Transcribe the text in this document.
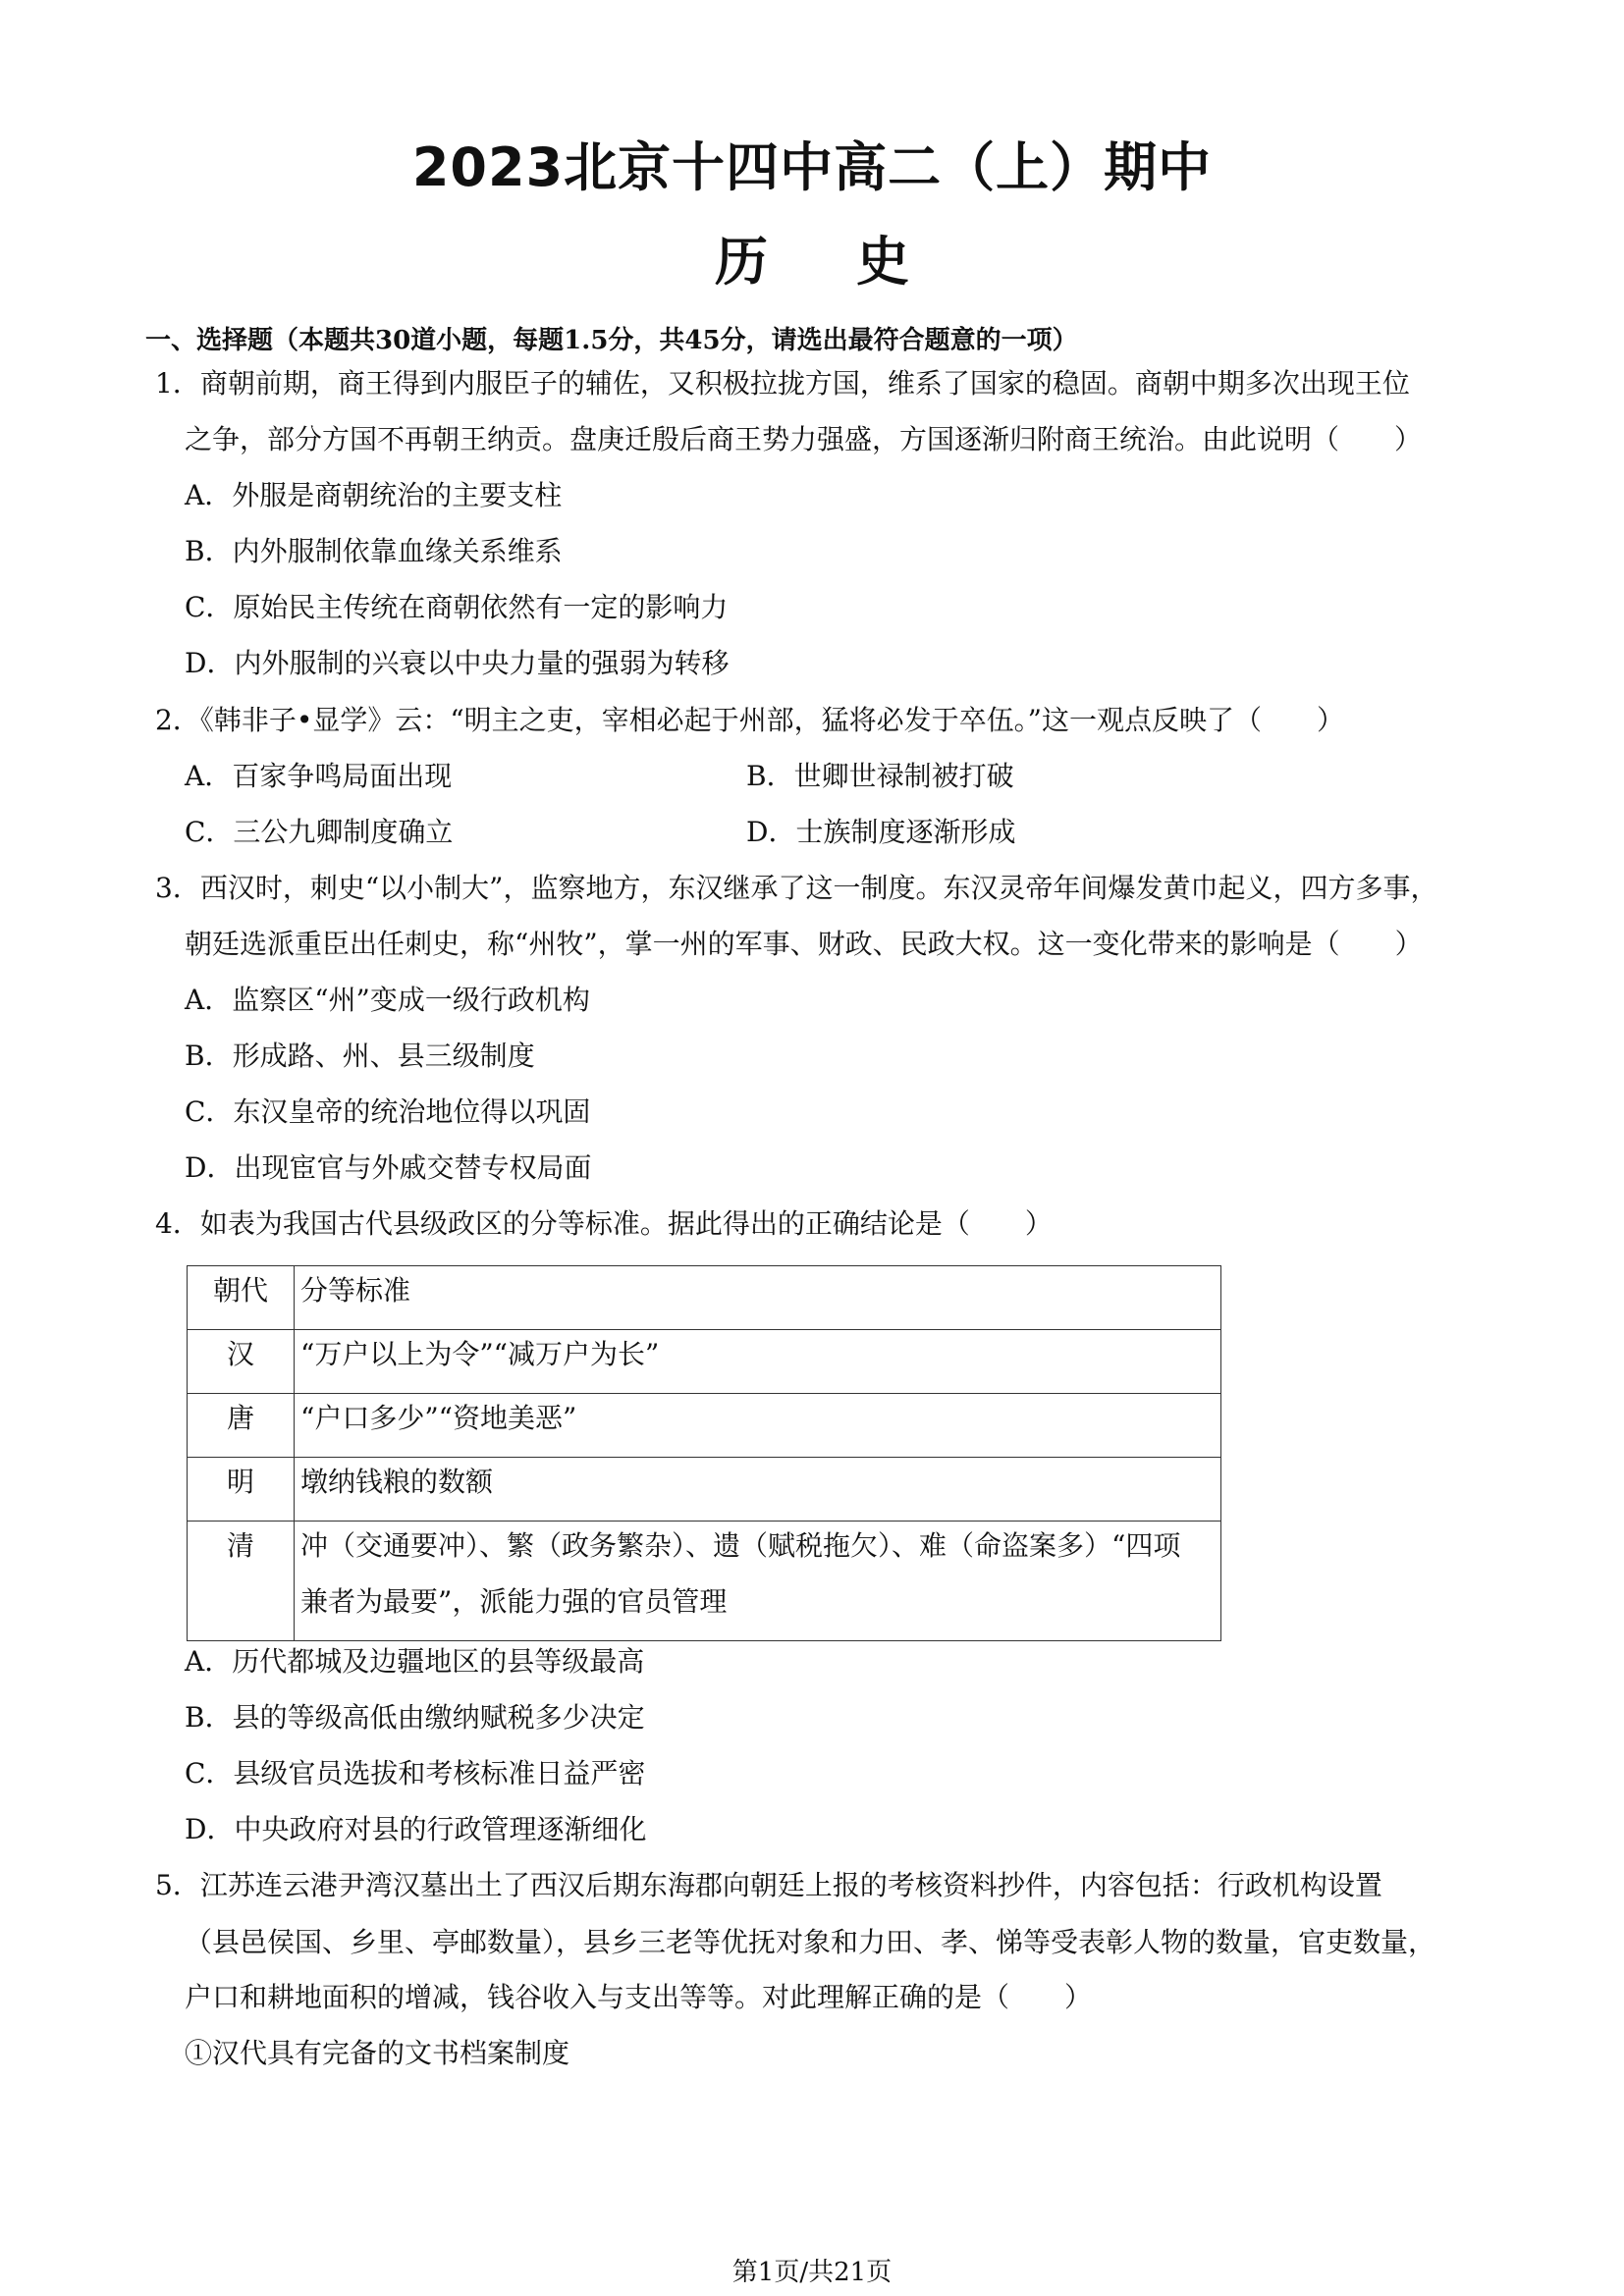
2023北京十四中高二（上）期中
历史
一、选择题（本题共30道小题，每题1.5分，共45分，请选出最符合题意的一项）
1．商朝前期，商王得到内服臣子的辅佐，又积极拉拢方国，维系了国家的稳固。商朝中期多次出现王位
之争，部分方国不再朝王纳贡。盘庚迁殷后商王势力强盛，方国逐渐归附商王统治。由此说明（　　）
A．外服是商朝统治的主要支柱
B．内外服制依靠血缘关系维系
C．原始民主传统在商朝依然有一定的影响力
D．内外服制的兴衰以中央力量的强弱为转移
2．《韩非子•显学》云：“明主之吏，宰相必起于州部，猛将必发于卒伍。”这一观点反映了（　　）
A．百家争鸣局面出现	B．世卿世禄制被打破
C．三公九卿制度确立	D．士族制度逐渐形成
3．西汉时，刺史“以小制大”，监察地方，东汉继承了这一制度。东汉灵帝年间爆发黄巾起义，四方多事，
朝廷选派重臣出任刺史，称“州牧”，掌一州的军事、财政、民政大权。这一变化带来的影响是（　　）
A．监察区“州”变成一级行政机构
B．形成路、州、县三级制度
C．东汉皇帝的统治地位得以巩固
D．出现宦官与外戚交替专权局面
4．如表为我国古代县级政区的分等标准。据此得出的正确结论是（　　）
朝代	分等标准
汉	“万户以上为令”“减万户为长”
唐	“户口多少”“资地美恶”
明	墩纳钱粮的数额
清	冲（交通要冲）、繁（政务繁杂）、遗（赋税拖欠）、难（命盗案多）“四项
兼者为最要”，派能力强的官员管理
A．历代都城及边疆地区的县等级最高
B．县的等级高低由缴纳赋税多少决定
C．县级官员选拔和考核标准日益严密
D．中央政府对县的行政管理逐渐细化
5．江苏连云港尹湾汉墓出土了西汉后期东海郡向朝廷上报的考核资料抄件，内容包括：行政机构设置
（县邑侯国、乡里、亭邮数量），县乡三老等优抚对象和力田、孝、悌等受表彰人物的数量，官吏数量，
户口和耕地面积的增减，钱谷收入与支出等等。对此理解正确的是（　　）
①汉代具有完备的文书档案制度
第1页/共21页
